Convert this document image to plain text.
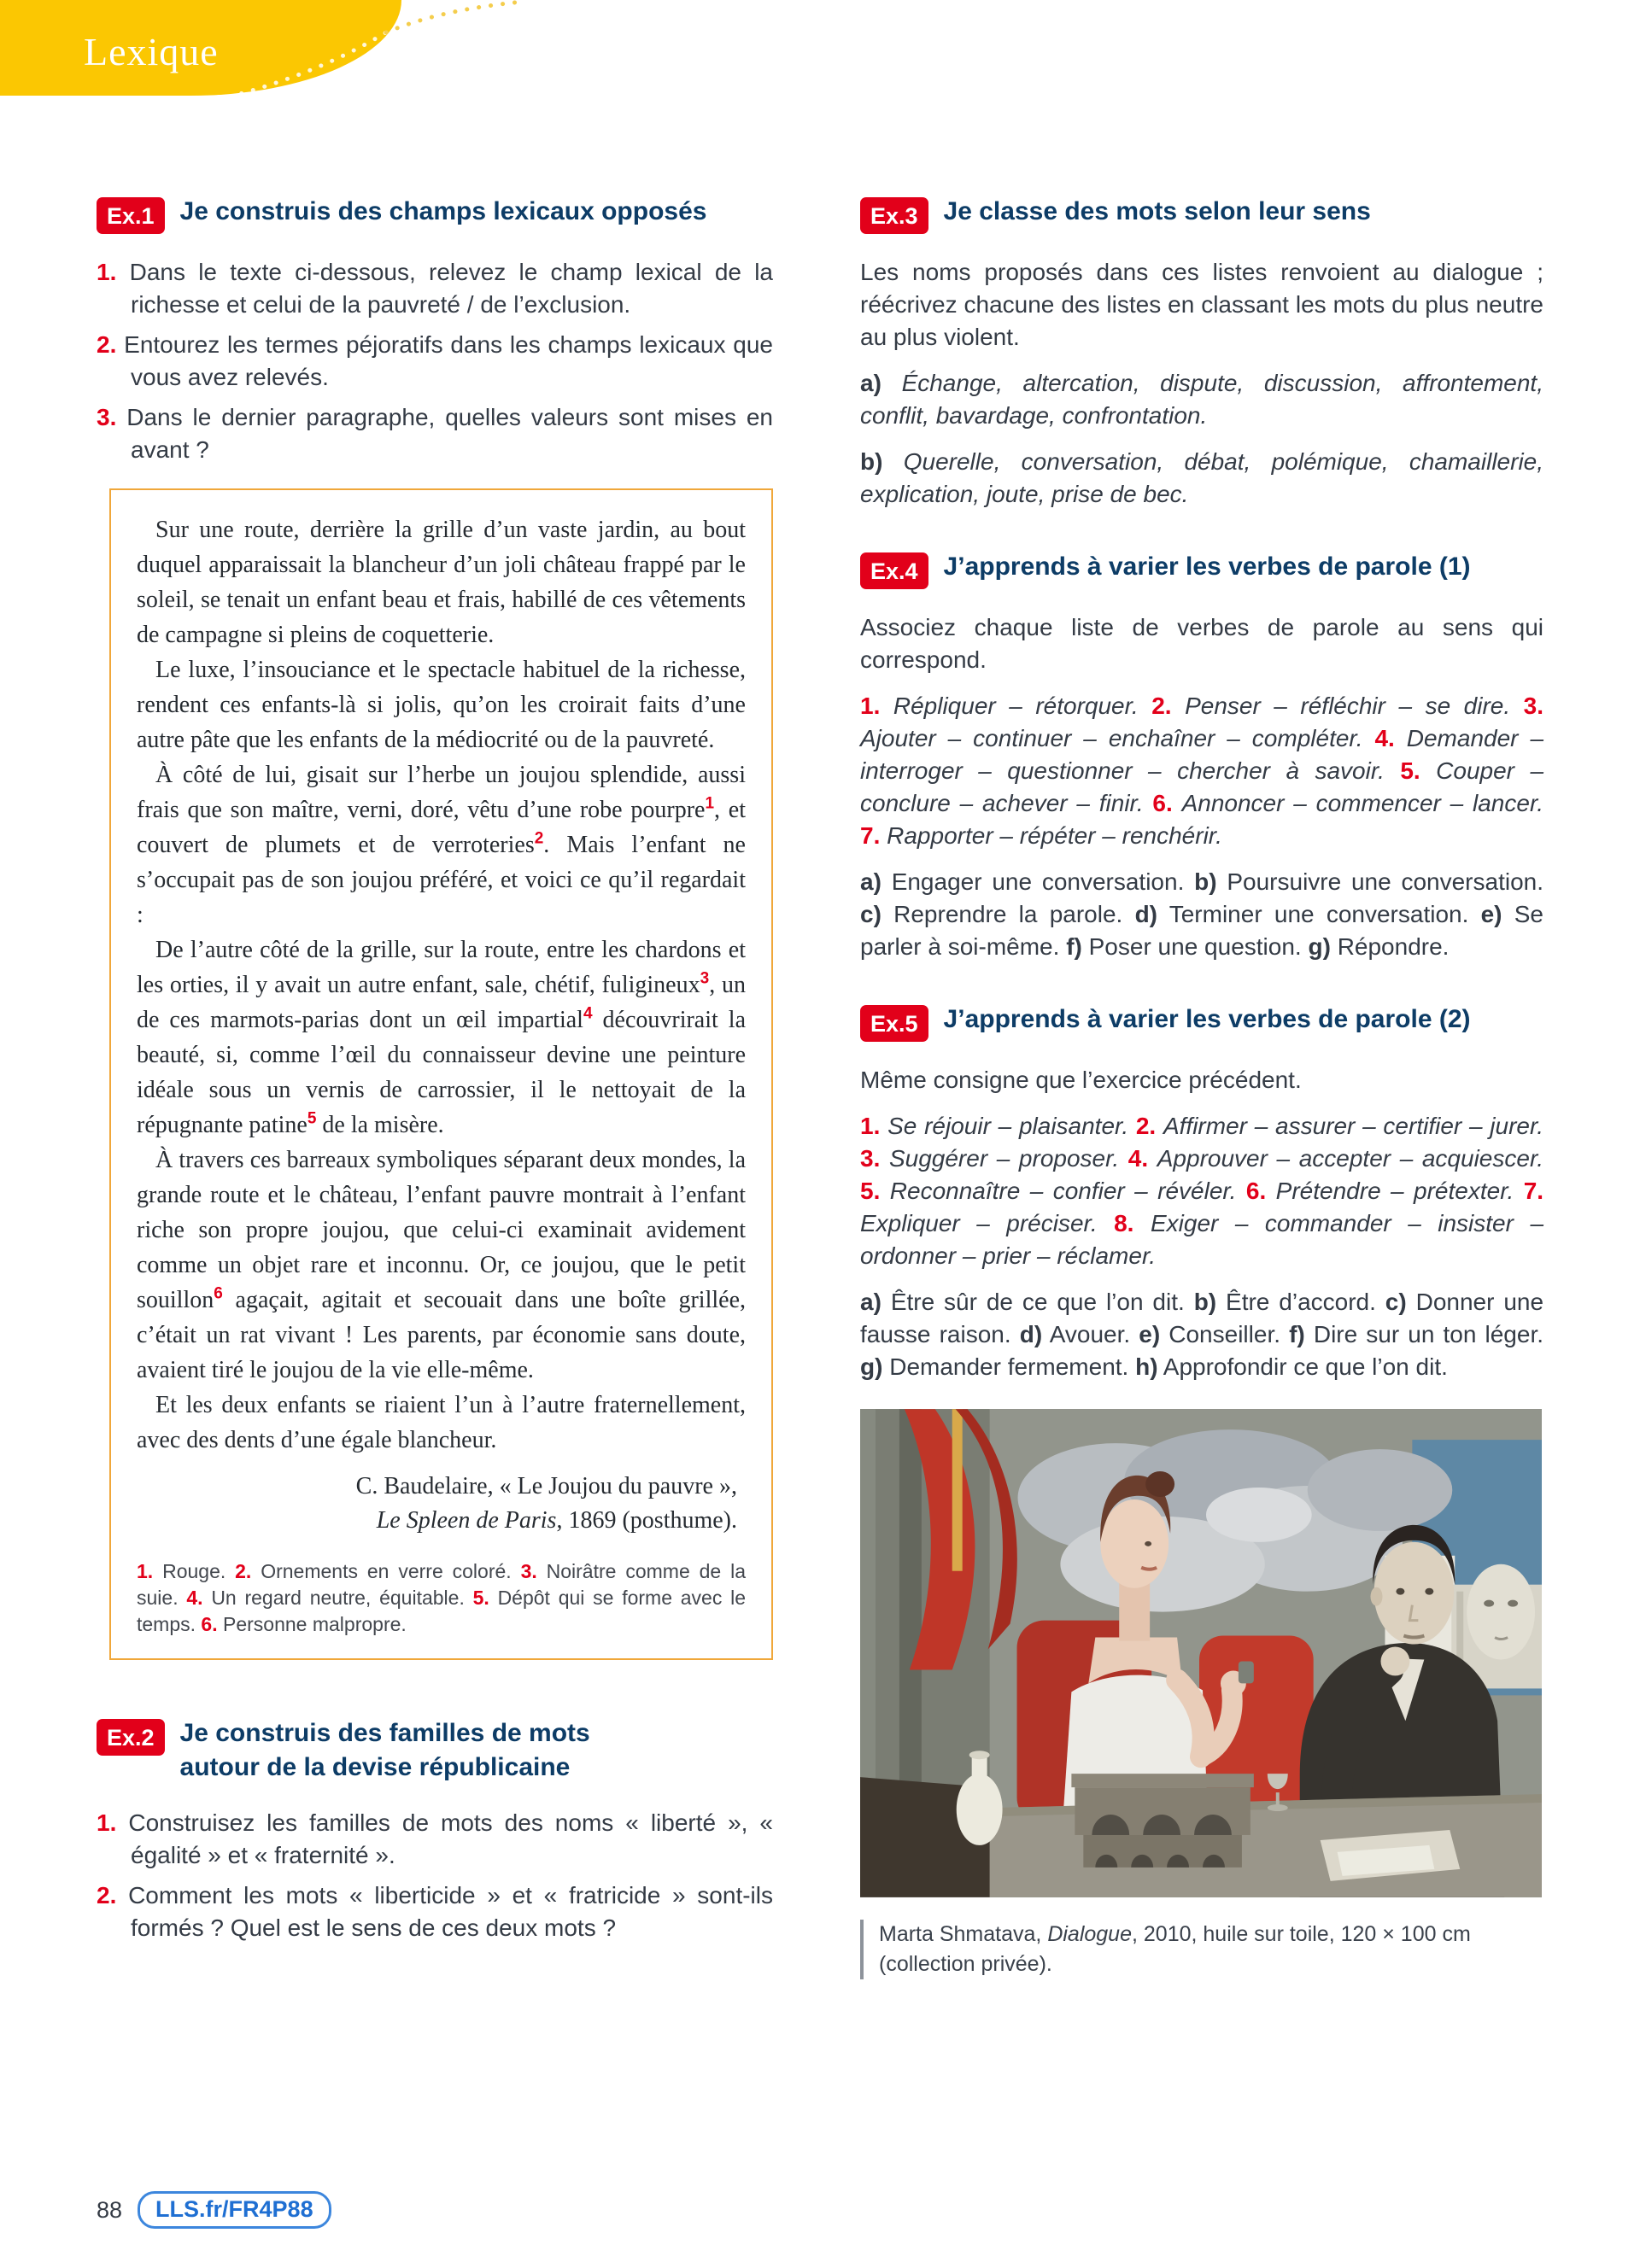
Lexique
Ex.1	Je construis des champs lexicaux opposés

1. Dans le texte ci-dessous, relevez le champ lexical de la richesse et celui de la pauvreté / de l’exclusion.

2. Entourez les termes péjoratifs dans les champs lexicaux que vous avez relevés.

3. Dans le dernier paragraphe, quelles valeurs sont mises en avant ?

Sur une route, derrière la grille d’un vaste jardin, au bout duquel apparaissait la blancheur d’un joli château frappé par le soleil, se tenait un enfant beau et frais, habillé de ces vêtements de campagne si pleins de coquetterie.

Le luxe, l’insouciance et le spectacle habituel de la richesse, rendent ces enfants-là si jolis, qu’on les croirait faits d’une autre pâte que les enfants de la médiocrité ou de la pauvreté.

À côté de lui, gisait sur l’herbe un joujou splendide, aussi frais que son maître, verni, doré, vêtu d’une robe pourpre$^1$, et couvert de plumets et de verroteries$^2$. Mais l’enfant ne s’occupait pas de son joujou préféré, et voici ce qu’il regardait :

De l’autre côté de la grille, sur la route, entre les chardons et les orties, il y avait un autre enfant, sale, chétif, fuligineux$^3$, un de ces marmots-parias dont un œil impartial$^4$ découvrirait la beauté, si, comme l’œil du connaisseur devine une peinture idéale sous un vernis de carrossier, il le nettoyait de la répugnante patine$^5$ de la misère.

À travers ces barreaux symboliques séparant deux mondes, la grande route et le château, l’enfant pauvre montrait à l’enfant riche son propre joujou, que celui-ci examinait avidement comme un objet rare et inconnu. Or, ce joujou, que le petit souillon$^6$ agaçait, agitait et secouait dans une boîte grillée, c’était un rat vivant ! Les parents, par économie sans doute, avaient tiré le joujou de la vie elle-même.

Et les deux enfants se riaient l’un à l’autre fraternellement, avec des dents d’une égale blancheur.

C. Baudelaire, « Le Joujou du pauvre »,
Le Spleen de Paris, 1869 (posthume).

1. Rouge. 2. Ornements en verre coloré. 3. Noirâtre comme de la suie. 4. Un regard neutre, équitable. 5. Dépôt qui se forme avec le temps. 6. Personne malpropre.

Ex.2	Je construis des familles de mots
autour de la devise républicaine

1. Construisez les familles de mots des noms « liberté », « égalité » et « fraternité ».

2. Comment les mots « liberticide » et « fratricide » sont-ils formés ? Quel est le sens de ces deux mots ?

Ex.3	Je classe des mots selon leur sens

Les noms proposés dans ces listes renvoient au dialogue ; réécrivez chacune des listes en classant les mots du plus neutre au plus violent.

a) Échange, altercation, dispute, discussion, affrontement, conflit, bavardage, confrontation.

b) Querelle, conversation, débat, polémique, chamaillerie, explication, joute, prise de bec.

Ex.4	J’apprends à varier les verbes de parole (1)

Associez chaque liste de verbes de parole au sens qui correspond.

1. Répliquer – rétorquer. 2. Penser – réfléchir – se dire. 3. Ajouter – continuer – enchaîner – compléter. 4. Demander – interroger – questionner – chercher à savoir. 5. Couper – conclure – achever – finir. 6. Annoncer – commencer – lancer. 7. Rapporter – répéter – renchérir.

a) Engager une conversation. b) Poursuivre une conversation. c) Reprendre la parole. d) Terminer une conversation. e) Se parler à soi-même. f) Poser une question. g) Répondre.

Ex.5	J’apprends à varier les verbes de parole (2)

Même consigne que l’exercice précédent.

1. Se réjouir – plaisanter. 2. Affirmer – assurer – certifier – jurer. 3. Suggérer – proposer. 4. Approuver – accepter – acquiescer. 5. Reconnaître – confier – révéler. 6. Prétendre – prétexter. 7. Expliquer – préciser. 8. Exiger – commander – insister – ordonner – prier – réclamer.

a) Être sûr de ce que l’on dit. b) Être d’accord. c) Donner une fausse raison. d) Avouer. e) Conseiller. f) Dire sur un ton léger. g) Demander fermement. h) Approfondir ce que l’on dit.

Marta Shmatava, Dialogue, 2010, huile sur toile, 120 × 100 cm (collection privée).
88	LLS.fr/FR4P88
